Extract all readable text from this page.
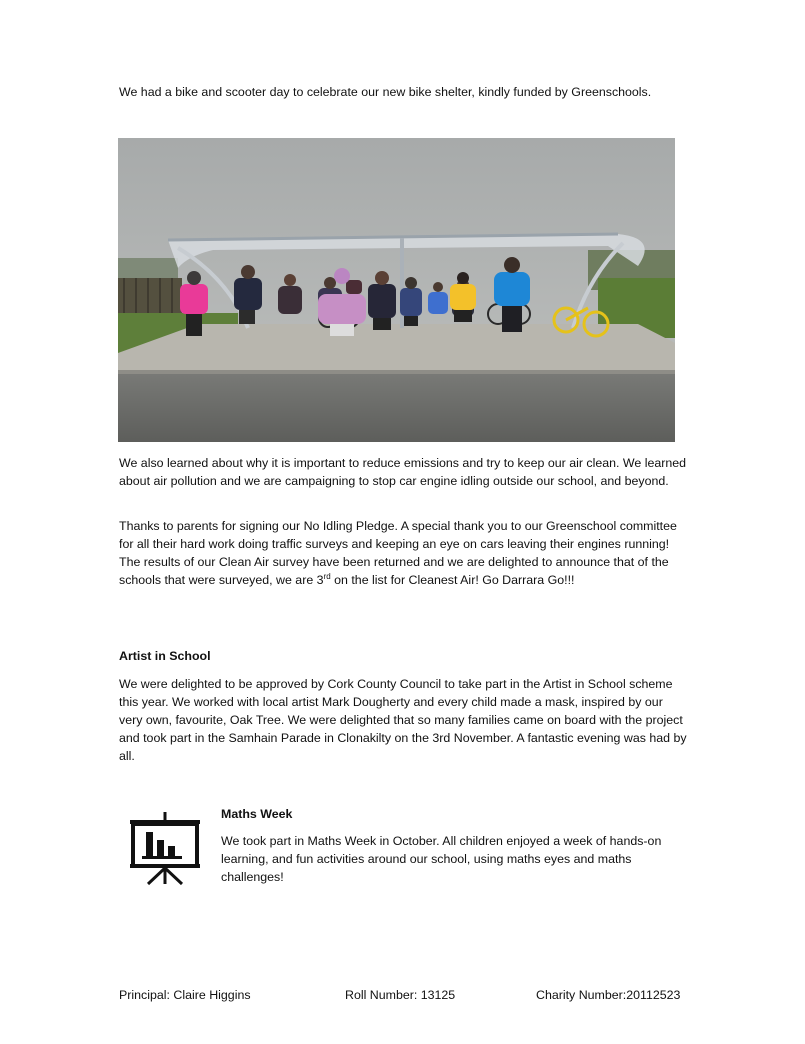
We had a bike and scooter day to celebrate our new bike shelter, kindly funded by Greenschools.

We also learned about why it is important to reduce emissions and try to keep our air clean. We learned about air pollution and we are campaigning to stop car engine idling outside our school, and beyond.

Thanks to parents for signing our No Idling Pledge. A special thank you to our Greenschool committee for all their hard work doing traffic surveys and keeping an eye on cars leaving their engines running! The results of our Clean Air survey have been returned and we are delighted to announce that of the schools that were surveyed, we are 3rd on the list for Cleanest Air! Go Darrara Go!!!

Artist in School

We were delighted to be approved by Cork County Council to take part in the Artist in School scheme this year. We worked with local artist Mark Dougherty and every child made a mask, inspired by our very own, favourite, Oak Tree. We were delighted that so many families came on board with the project and took part in the Samhain Parade in Clonakilty on the 3rd November. A fantastic evening was had by all.

Maths Week

We took part in Maths Week in October. All children enjoyed a week of hands-on learning, and fun activities around our school, using maths eyes and maths challenges!

Principal: Claire Higgins	Roll Number: 13125	Charity Number:20112523
